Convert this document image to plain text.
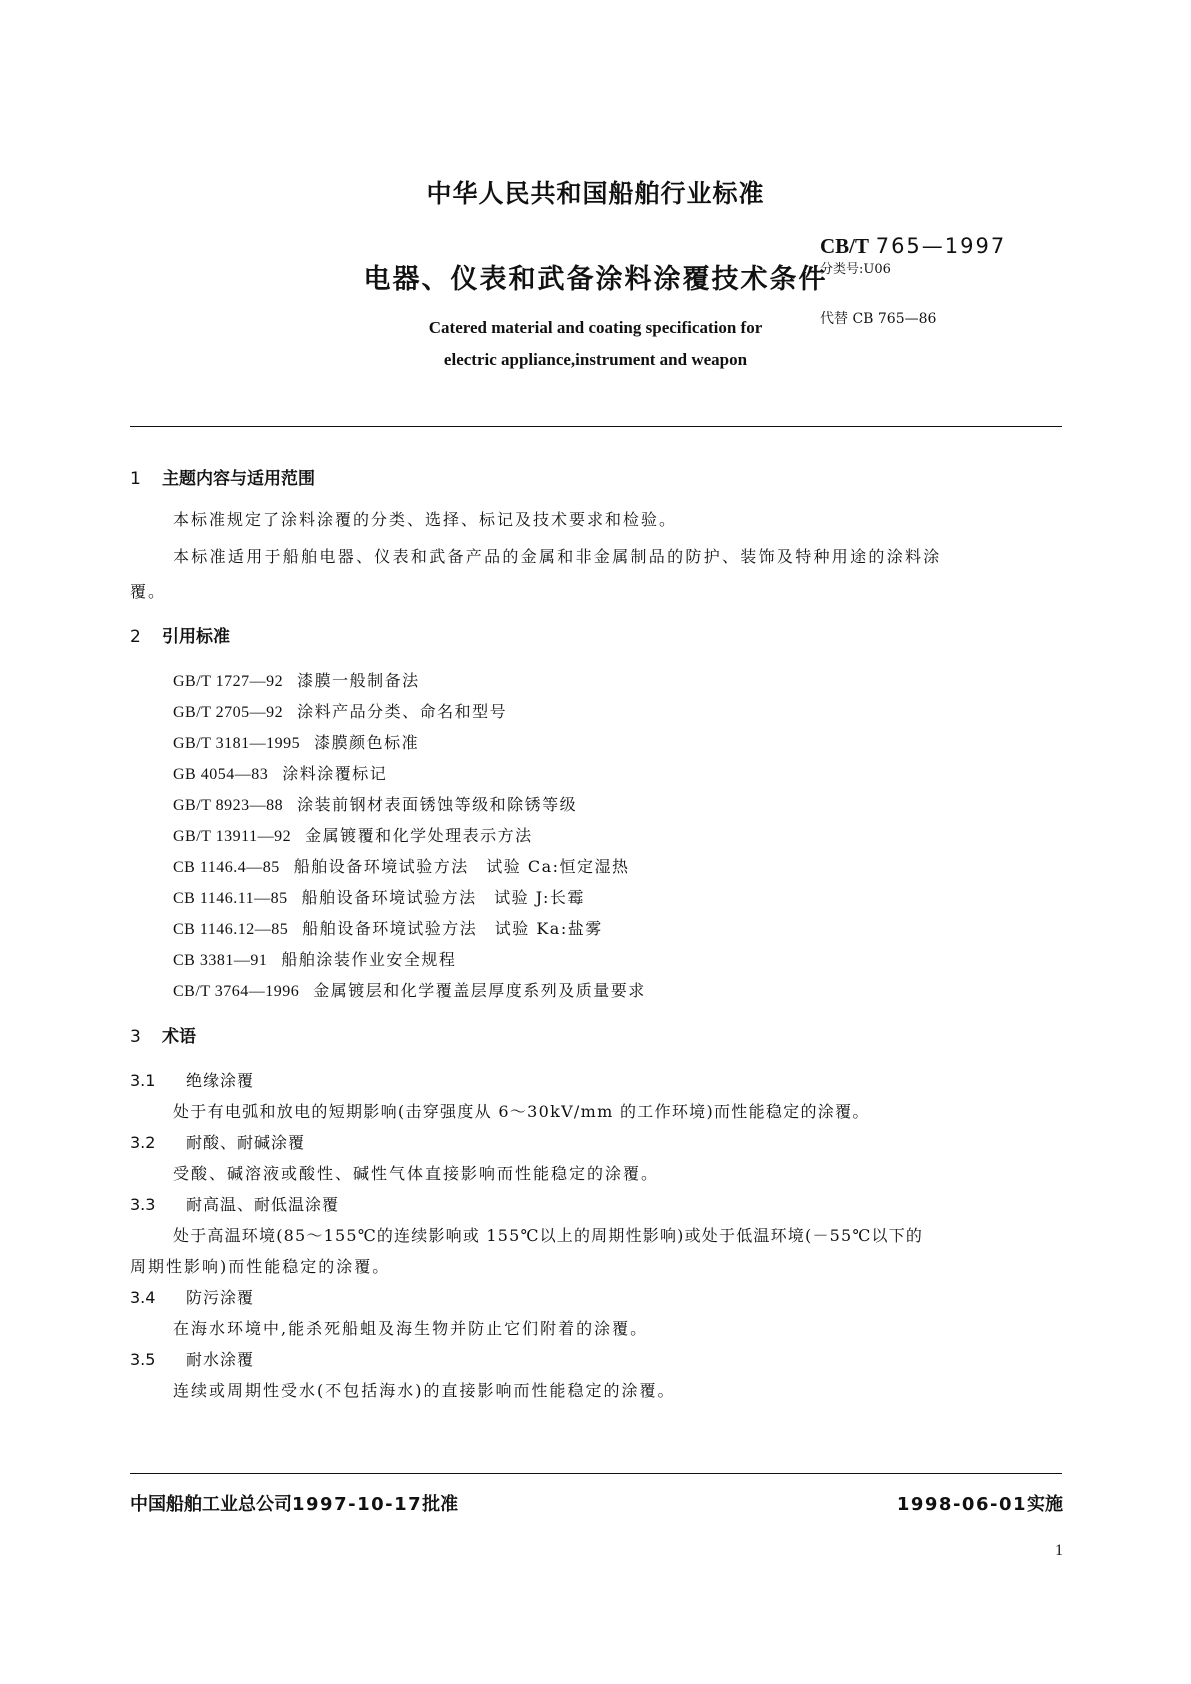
中华人民共和国船舶行业标准
电器、仪表和武备涂料涂覆技术条件
Catered material and coating specification for
electric appliance,instrument and weapon
CB/T 765—1997
分类号:U06
代替 CB 765—86
1 主题内容与适用范围
本标准规定了涂料涂覆的分类、选择、标记及技术要求和检验。
本标准适用于船舶电器、仪表和武备产品的金属和非金属制品的防护、装饰及特种用途的涂料涂
覆。
2 引用标准
GB/T 1727—92 漆膜一般制备法
GB/T 2705—92 涂料产品分类、命名和型号
GB/T 3181—1995 漆膜颜色标准
GB 4054—83 涂料涂覆标记
GB/T 8923—88 涂装前钢材表面锈蚀等级和除锈等级
GB/T 13911—92 金属镀覆和化学处理表示方法
CB 1146.4—85 船舶设备环境试验方法　试验 Ca:恒定湿热
CB 1146.11—85 船舶设备环境试验方法　试验 J:长霉
CB 1146.12—85 船舶设备环境试验方法　试验 Ka:盐雾
CB 3381—91 船舶涂装作业安全规程
CB/T 3764—1996 金属镀层和化学覆盖层厚度系列及质量要求
3 术语
3.1 绝缘涂覆
处于有电弧和放电的短期影响(击穿强度从 6～30kV/mm 的工作环境)而性能稳定的涂覆。
3.2 耐酸、耐碱涂覆
受酸、碱溶液或酸性、碱性气体直接影响而性能稳定的涂覆。
3.3 耐高温、耐低温涂覆
处于高温环境(85～155℃的连续影响或 155℃以上的周期性影响)或处于低温环境(－55℃以下的
周期性影响)而性能稳定的涂覆。
3.4 防污涂覆
在海水环境中,能杀死船蛆及海生物并防止它们附着的涂覆。
3.5 耐水涂覆
连续或周期性受水(不包括海水)的直接影响而性能稳定的涂覆。
中国船舶工业总公司1997-10-17批准	1998-06-01实施
1
